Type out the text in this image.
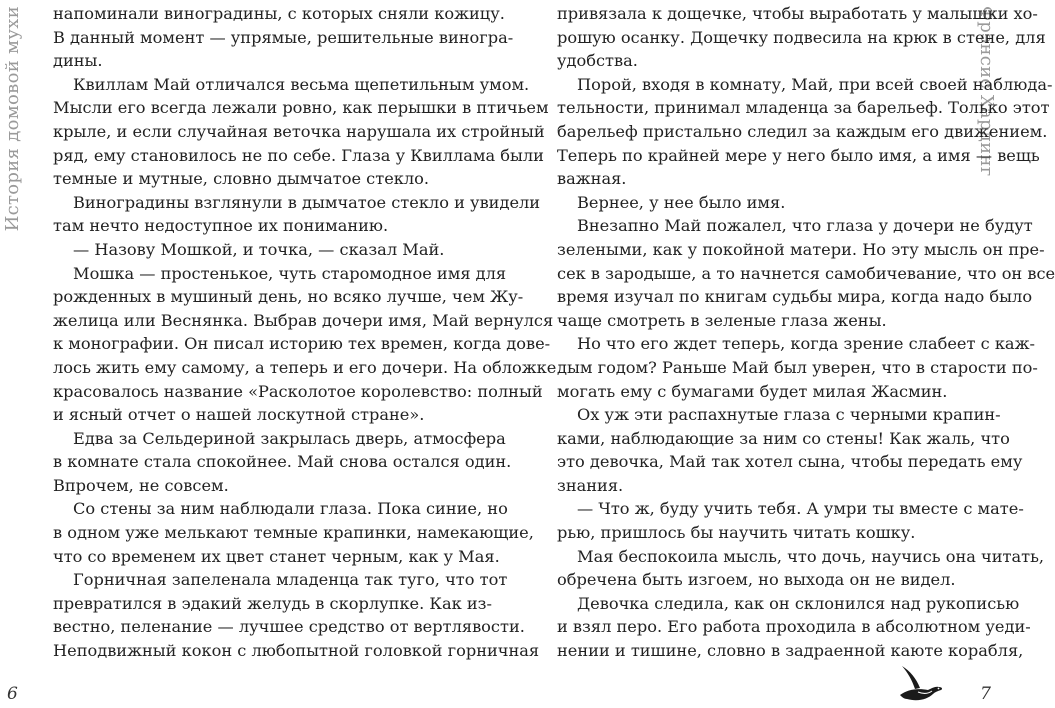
История домовой мухи напоминали виноградины, с которых сняли кожицу.
В данный момент — упрямые, решительные виногра-
дины.
Квиллам Май отличался весьма щепетильным умом.
Мысли его всегда лежали ровно, как перышки в птичьем
крыле, и если случайная веточка нарушала их стройный
ряд, ему становилось не по себе. Глаза у Квиллама были
темные и мутные, словно дымчатое стекло.
Виноградины взглянули в дымчатое стекло и увидели
там нечто недоступное их пониманию.
— Назову Мошкой, и точка, — сказал Май.
Мошка — простенькое, чуть старомодное имя для
рожденных в мушиный день, но всяко лучше, чем Жу-
желица или Веснянка. Выбрав дочери имя, Май вернулся
к монографии. Он писал историю тех времен, когда дове-
лось жить ему самому, а теперь и его дочери. На обложке
красовалось название «Расколотое королевство: полный
и ясный отчет о нашей лоскутной стране».
Едва за Сельдериной закрылась дверь, атмосфера
в комнате стала спокойнее. Май снова остался один.
Впрочем, не совсем.
Со стены за ним наблюдали глаза. Пока синие, но
в одном уже мелькают темные крапинки, намекающие,
что со временем их цвет станет черным, как у Мая.
Горничная запеленала младенца так туго, что тот
превратился в эдакий желудь в скорлупке. Как из-
вестно, пеленание — лучшее средство от вертлявости.
Неподвижный кокон с любопытной головкой горничная
6
Фрэнсис Хардинг
привязала к дощечке, чтобы выработать у малышки хо-
рошую осанку. Дощечку подвесила на крюк в стене, для
удобства.
Порой, входя в комнату, Май, при всей своей наблюда-
тельности, принимал младенца за барельеф. Только этот
барельеф пристально следил за каждым его движением.
Теперь по крайней мере у него было имя, а имя — вещь
важная.
Вернее, у нее было имя.
Внезапно Май пожалел, что глаза у дочери не будут
зелеными, как у покойной матери. Но эту мысль он пре-
сек в зародыше, а то начнется самобичевание, что он все
время изучал по книгам судьбы мира, когда надо было
чаще смотреть в зеленые глаза жены.
Но что его ждет теперь, когда зрение слабеет с каж-
дым годом? Раньше Май был уверен, что в старости по-
могать ему с бумагами будет милая Жасмин.
Ох уж эти распахнутые глаза с черными крапин-
ками, наблюдающие за ним со стены! Как жаль, что
это девочка, Май так хотел сына, чтобы передать ему
знания.
— Что ж, буду учить тебя. А умри ты вместе с мате-
рью, пришлось бы научить читать кошку.
Мая беспокоила мысль, что дочь, научись она читать,
обречена быть изгоем, но выхода он не видел.
Девочка следила, как он склонился над рукописью
и взял перо. Его работа проходила в абсолютном уеди-
нении и тишине, словно в задраенной каюте корабля,
7
